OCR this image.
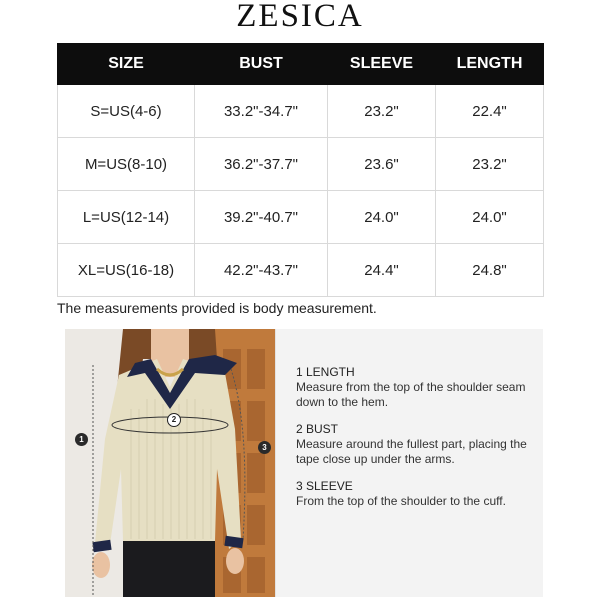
ZESICA
SIZE	BUST	SLEEVE	LENGTH
S=US(4-6)	33.2"-34.7"	23.2"	22.4"
M=US(8-10)	36.2"-37.7"	23.6"	23.2"
L=US(12-14)	39.2"-40.7"	24.0"	24.0"
XL=US(16-18)	42.2"-43.7"	24.4"	24.8"
The measurements provided is body measurement.
1
2
3
1 LENGTH
Measure from the top of the shoulder seam down to the hem.
2 BUST
Measure around the fullest part, placing the tape close up under the arms.
3 SLEEVE
From the top of the shoulder to the cuff.
